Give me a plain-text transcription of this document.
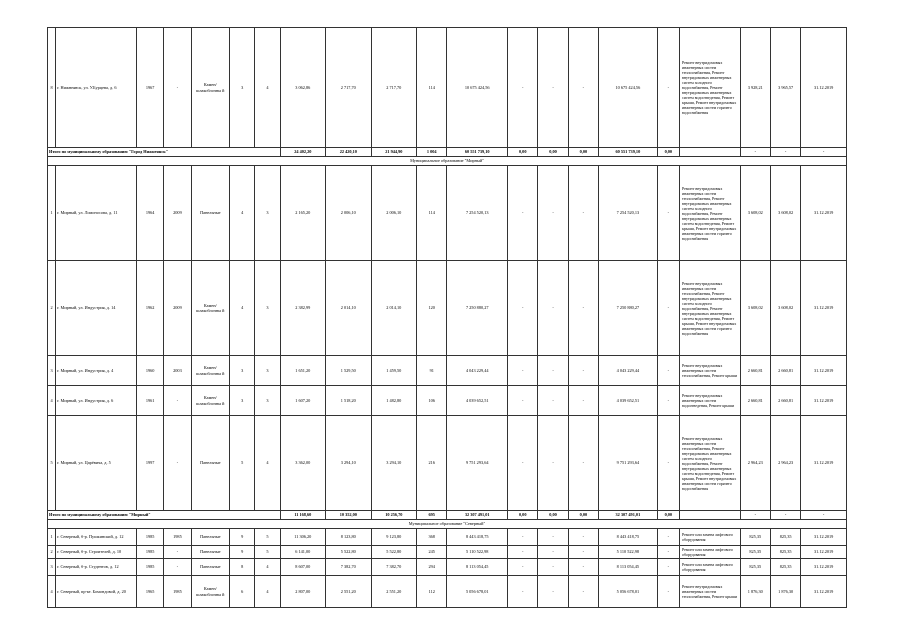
8	г. Нижнеянск, ул. У.Бурцева, д. 6	1967	-	Камен/ шлакоблочны й	3	4	3 062,86	2 717,70	2 717,70	114	10 675 424,56	-	-	-	10 675 424,56	-	Ремонт внутридомовых инженерных систем теплоснабжения, Ремонт внутридомовых инженерных систем холодного водоснабжения, Ремонт внутридомовых инженерных систем водоотведения, Ремонт крыши, Ремонт внутридомовых инженерных систем горячего водоснабжения	3 928,21	3 965,57	31.12.2019
Итого по муниципальному образованию "Город Нижнеянск"							24 402,20	22 420,10	21 944,90	1 004	60 551 739,10	0,00	0,00	0,00	60 551 739,10	0,00		-	-	-
Муниципальное образование "Мирный"																				
1	г. Мирный, ул. Ломоносова, д. 11	1964	2009	Панельные	4	3	2 165,20	2 006,10	2 006,10	114	7 254 520,13	-	-	-	7 254 520,13	-	Ремонт внутридомовых инженерных систем теплоснабжения, Ремонт внутридомовых инженерных систем холодного водоснабжения, Ремонт внутридомовых инженерных систем водоотведения, Ремонт крыши, Ремонт внутридомовых инженерных систем горячего водоснабжения	3 608,02	3 608,02	31.12.2019
2	г. Мирный, ул. Индустрия, д. 14	1962	2009	Камен/ шлакоблочны й	4	3	2 382,99	2 014,10	2 014,10	120	7 250 880,27	-	-	-	7 250 880,27	-	Ремонт внутридомовых инженерных систем теплоснабжения, Ремонт внутридомовых инженерных систем холодного водоснабжения, Ремонт внутридомовых инженерных систем водоотведения, Ремонт крыши, Ремонт внутридомовых инженерных систем горячего водоснабжения	3 608,02	3 608,02	31.12.2019
3	г. Мирный, ул. Индустрия, д. 4	1960	2003	Камен/ шлакоблочны й	3	3	1 651,20	1 529,50	1 459,50	91	4 043 229,44	-	-	-	4 043 229,44	-	Ремонт внутридомовых инженерных систем теплоснабжения, Ремонт крыши	2 660,81	2 660,81	31.12.2019
4	г. Мирный, ул. Индустрия, д. 6	1961	-	Камен/ шлакоблочны й	3	3	1 607,20	1 518,20	1 482,80	106	4 039 652,51	-	-	-	4 039 652,51	-	Ремонт внутридомовых инженерных систем водоотведения, Ремонт крыши	2 660,81	2 660,81	31.12.2019
5	г. Мирный, ул. Царёвича, д. 5	1997	-	Панельные	5	4	3 362,00	3 294,10	3 294,10	216	9 751 293,64	-	-	-	9 751 293,64	-	Ремонт внутридомовых инженерных систем теплоснабжения, Ремонт внутридомовых инженерных систем холодного водоснабжения, Ремонт внутридомовых инженерных систем водоотведения, Ремонт крыши, Ремонт внутридомовых инженерных систем горячего водоснабжения	2 964,23	2 964,23	31.12.2019
Итого по муниципальному образованию "Мирный"							11 168,60	10 352,00	10 256,70	695	32 307 491,01	0,00	0,00	0,00	32 307 491,01	0,00		-	-	-
Муниципальное образование "Северный"																				
1	г. Северный, б-р. Пушкинский, д. 12	1985	1985	Панельные	9	5	11 306,20	8 123,80	9 123,80	368	8 443 418,75	-	-	-	8 443 418,75	-	Ремонт или замена лифтового оборудования	825,35	825,35	31.12.2019
2	г. Северный, б-р. Строителей, д. 10	1985	-	Панельные	9	5	6 141,00	5 522,80	5 522,80	245	5 110 522,98	-	-	-	5 110 522,98	-	Ремонт или замена лифтового оборудования	825,35	825,35	31.12.2019
3	г. Северный, б-р. Студентов, д. 12	1985	-	Панельные	8	4	8 607,00	7 382,70	7 382,70	294	8 113 054,45	-	-	-	8 113 054,45	-	Ремонт или замена лифтового оборудования	825,35	825,35	31.12.2019
4	г. Северный, пр-кт. Бомондовой, д. 20	1965	1985	Камен/ шлакоблочны й	6	4	2 807,00	2 551,20	2 551,20	112	5 056 678,01	-	-	-	5 056 678,01	-	Ремонт внутридомовых инженерных систем теплоснабжения, Ремонт крыши	1 876,30	1 876,30	31.12.2019
